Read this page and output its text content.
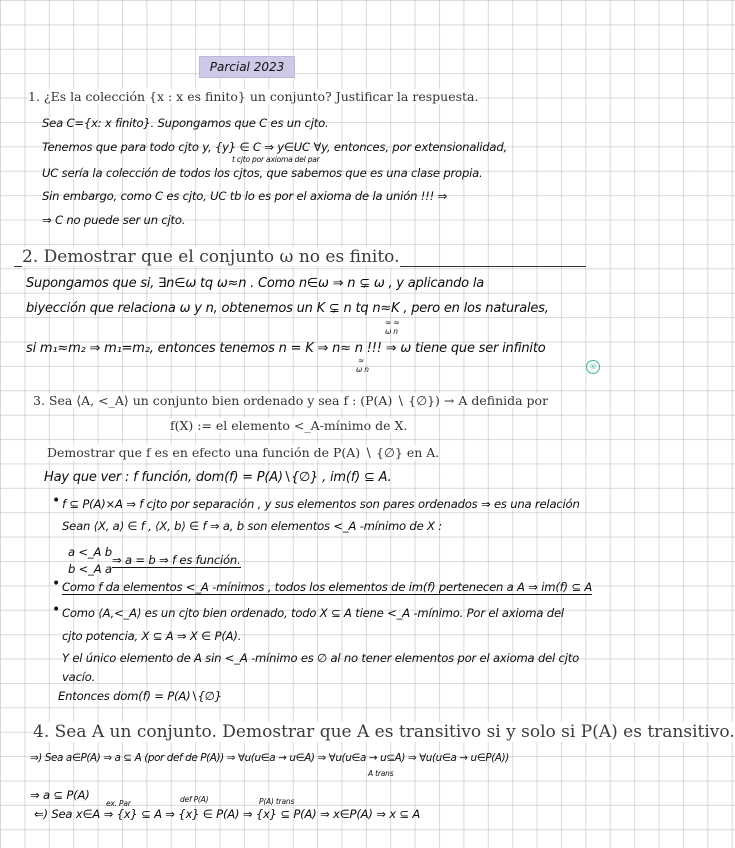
Parcial 2023
1. ¿Es la colección {x : x es finito} un conjunto? Justificar la respuesta.
Sea C={x: x finito}. Supongamos que C es un cjto.
Tenemos que para todo cjto y, {y} ∈ C ⇒ y∈UC ∀y, entonces, por extensionalidad,
t cjto por axioma del par
UC sería la colección de todos los cjtos, que sabemos que es una clase propia.
Sin embargo, como C es cjto, UC tb lo es por el axioma de la unión !!! ⇒
⇒ C no puede ser un cjto.
2. Demostrar que el conjunto ω no es finito.
Supongamos que si, ∃n∈ω tq ω≈n . Como n∈ω ⇒ n ⊊ ω , y aplicando la
biyección que relaciona ω y n, obtenemos un K ⊊ n tq n≈K , pero en los naturales,
≈ ≈
ω n
si m₁≈m₂ ⇒ m₁=m₂, entonces tenemos n = K ⇒ n≈ n !!! ⇒ ω tiene que ser infinito
≈
ω n	®
3. Sea ⟨A, <_A⟩ un conjunto bien ordenado y sea f : (P(A) ∖ {∅}) → A definida por
f(X) := el elemento <_A-mínimo de X.
Demostrar que f es en efecto una función de P(A) ∖ {∅} en A.
Hay que ver : f función, dom(f) = P(A)∖{∅} , im(f) ⊆ A.
• f ⊆ P(A)×A ⇒ f cjto por separación , y sus elementos son pares ordenados ⇒ es una relación
Sean ⟨X, a⟩ ∈ f , ⟨X, b⟩ ∈ f ⇒ a, b son elementos <_A -mínimo de X :
a <_A b
b <_A a
⇒ a = b ⇒ f es función.
• Como f da elementos <_A -mínimos , todos los elementos de im(f) pertenecen a A ⇒ im(f) ⊆ A
• Como ⟨A,<_A⟩ es un cjto bien ordenado, todo X ⊆ A tiene <_A -mínimo. Por el axioma del
cjto potencia, X ⊆ A ⇒ X ∈ P(A).
Y el único elemento de A sin <_A -mínimo es ∅ al no tener elementos por el axioma del cjto
vacío.
Entonces dom(f) = P(A)∖{∅}
4. Sea A un conjunto. Demostrar que A es transitivo si y solo si P(A) es transitivo.
⇒) Sea a∈P(A) ⇒ a ⊆ A (por def de P(A)) ⇒ ∀u(u∈a → u∈A) ⇒ ∀u(u∈a → u⊆A) ⇒ ∀u(u∈a → u∈P(A))
A trans
⇒ a ⊆ P(A)
ex. Par	def P(A)	P(A) trans
⇐) Sea x∈A ⇒ {x} ⊆ A ⇒ {x} ∈ P(A) ⇒ {x} ⊆ P(A) ⇒ x∈P(A) ⇒ x ⊆ A
